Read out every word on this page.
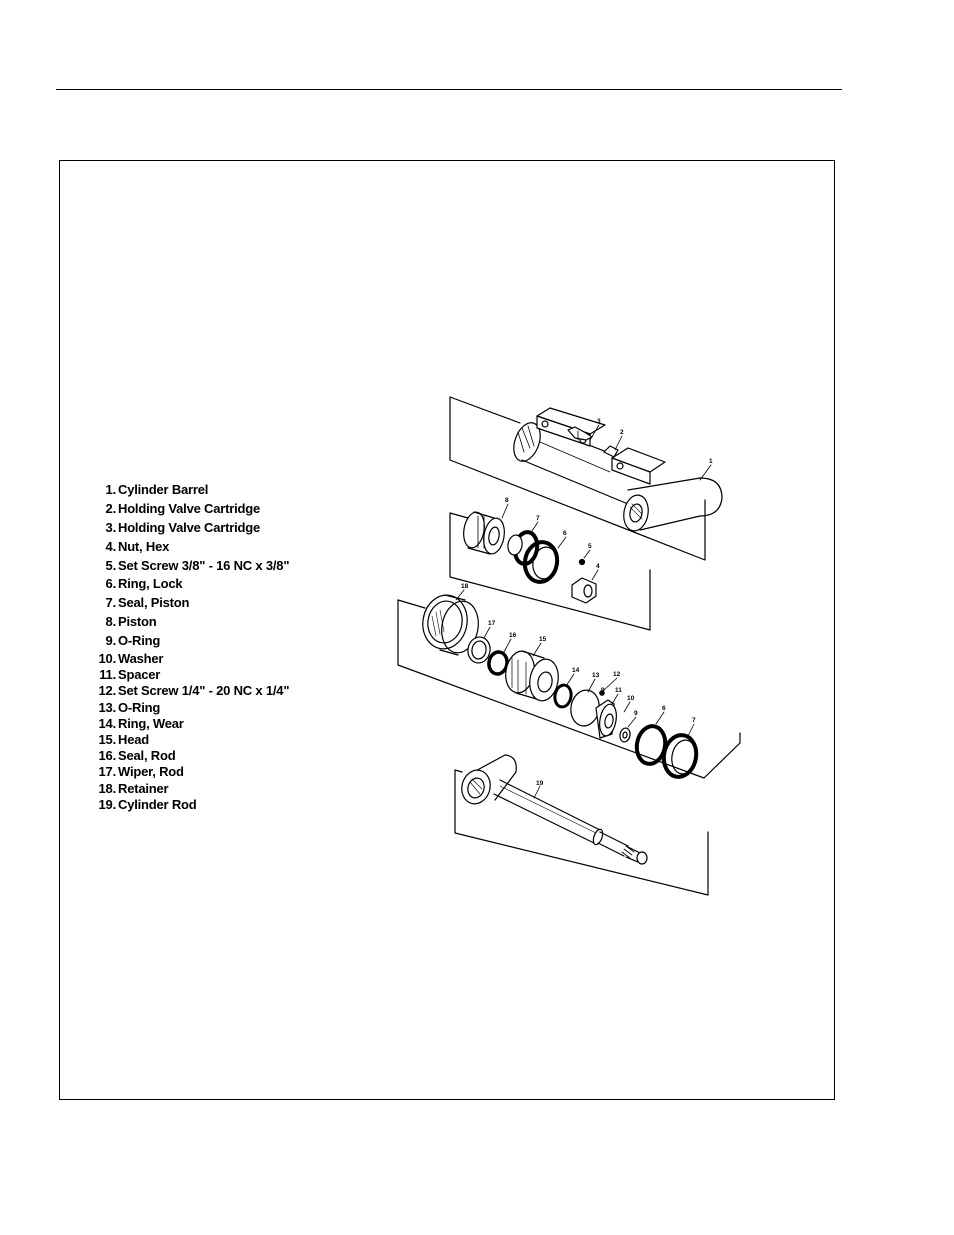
1. Cylinder Barrel
2. Holding Valve Cartridge
3. Holding Valve Cartridge
4. Nut, Hex
5. Set Screw 3/8" - 16 NC x 3/8"
6. Ring, Lock
7. Seal, Piston
8. Piston
9. O-Ring
10. Washer
11. Spacer
12. Set Screw 1/4" - 20 NC x 1/4"
13. O-Ring
14. Ring, Wear
15. Head
16. Seal, Rod
17. Wiper, Rod
18. Retainer
19. Cylinder Rod
3
2
1
8
7
6
5
4
18
17
16
15
14
13 12
9 11
10
9
6
7
19
